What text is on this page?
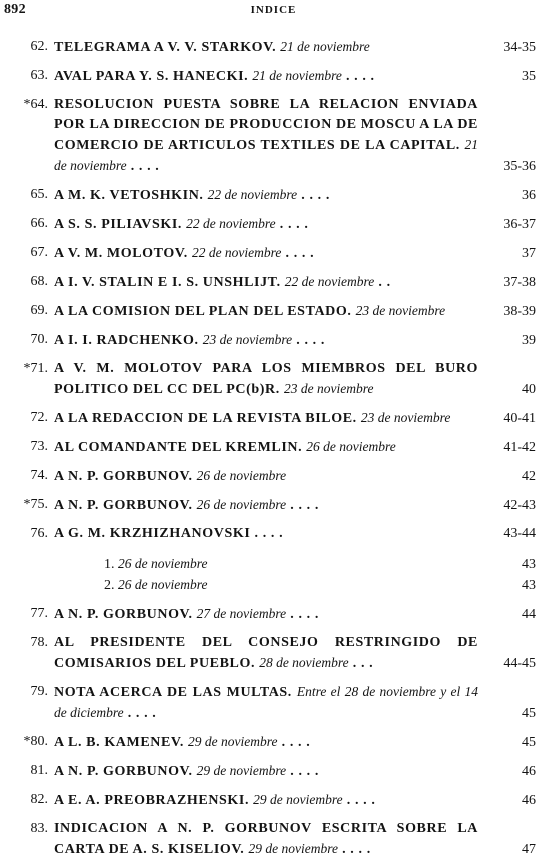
892	INDICE
62. TELEGRAMA A V. V. STARKOV. 21 de noviembre	34-35
63. AVAL PARA Y. S. HANECKI. 21 de noviembre . . . .	35
*64. RESOLUCION PUESTA SOBRE LA RELACION ENVIADA POR LA DIRECCION DE PRODUCCION DE MOSCU A LA DE COMERCIO DE ARTICULOS TEXTILES DE LA CAPITAL. 21 de noviembre . . . .	35-36
65. A M. K. VETOSHKIN. 22 de noviembre . . . .	36
66. A S. S. PILIAVSKI. 22 de noviembre . . . .	36-37
67. A V. M. MOLOTOV. 22 de noviembre . . . .	37
68. A I. V. STALIN E I. S. UNSHLIJT. 22 de noviembre . .	37-38
69. A LA COMISION DEL PLAN DEL ESTADO. 23 de noviembre	38-39
70. A I. I. RADCHENKO. 23 de noviembre . . . .	39
*71. A V. M. MOLOTOV PARA LOS MIEMBROS DEL BURO POLITICO DEL CC DEL PC(b)R. 23 de noviembre	40
72. A LA REDACCION DE LA REVISTA BILOE. 23 de noviembre	40-41
73. AL COMANDANTE DEL KREMLIN. 26 de noviembre	41-42
74. A N. P. GORBUNOV. 26 de noviembre	42
*75. A N. P. GORBUNOV. 26 de noviembre . . . .	42-43
76. A G. M. KRZHIZHANOVSKI . . . .	43-44
1. 26 de noviembre	43
2. 26 de noviembre	43
77. A N. P. GORBUNOV. 27 de noviembre . . . .	44
78. AL PRESIDENTE DEL CONSEJO RESTRINGIDO DE COMISARIOS DEL PUEBLO. 28 de noviembre . . .	44-45
79. NOTA ACERCA DE LAS MULTAS. Entre el 28 de noviembre y el 14 de diciembre . . . .	45
*80. A L. B. KAMENEV. 29 de noviembre . . . .	45
81. A N. P. GORBUNOV. 29 de noviembre . . . .	46
82. A E. A. PREOBRAZHENSKI. 29 de noviembre . . . .	46
83. INDICACION A N. P. GORBUNOV ESCRITA SOBRE LA CARTA DE A. S. KISELIOV. 29 de noviembre . . . .	47
